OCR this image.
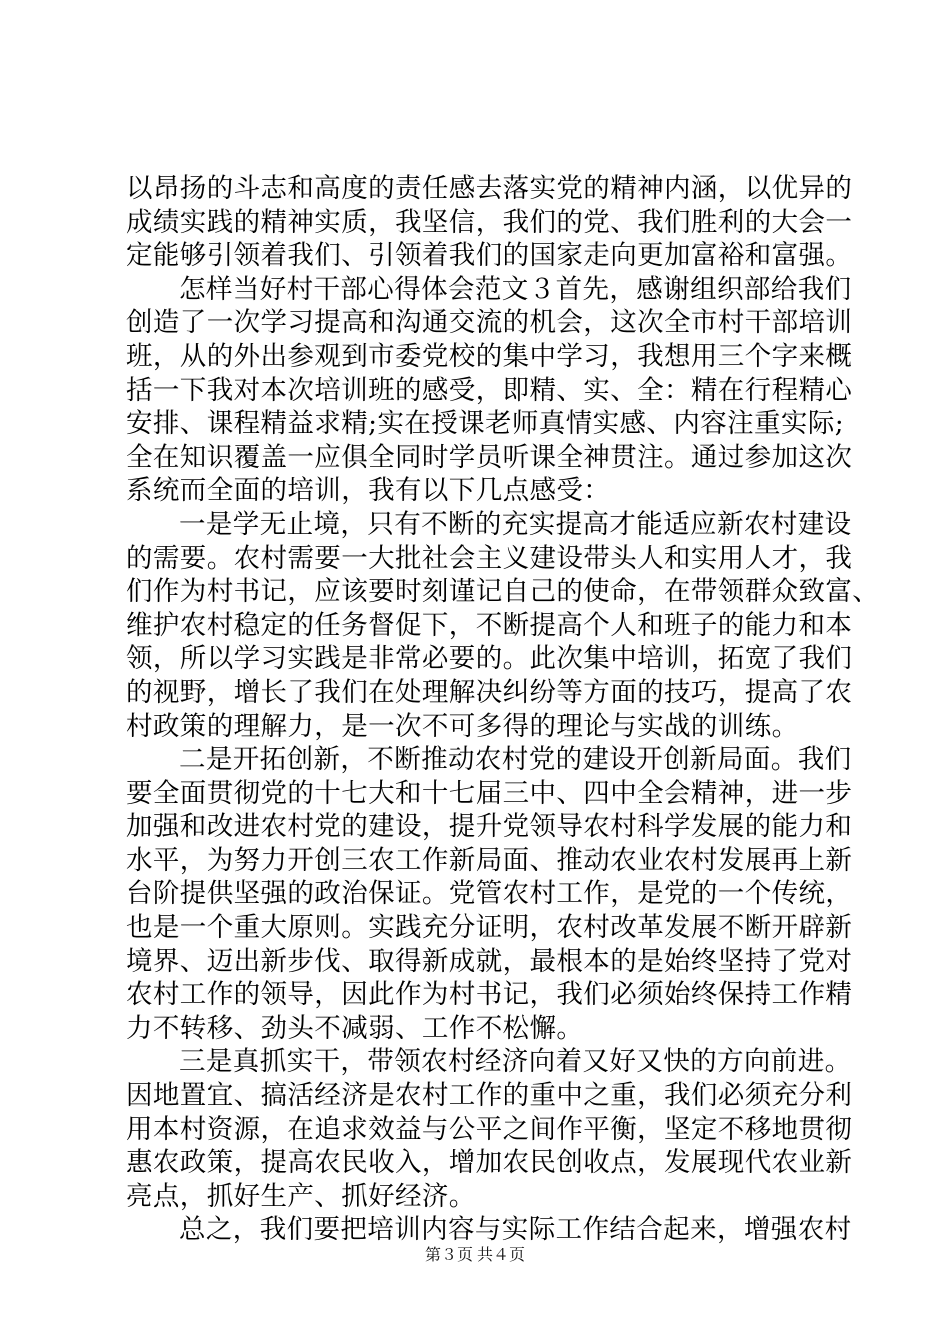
以昂扬的斗志和高度的责任感去落实党的精神内涵，以优异的
成绩实践的精神实质，我坚信，我们的党、我们胜利的大会一
定能够引领着我们、引领着我们的国家走向更加富裕和富强。
怎样当好村干部心得体会范文３首先，感谢组织部给我们
创造了一次学习提高和沟通交流的机会，这次全市村干部培训
班，从的外出参观到市委党校的集中学习，我想用三个字来概
括一下我对本次培训班的感受，即精、实、全：精在行程精心
安排、课程精益求精;实在授课老师真情实感、内容注重实际;
全在知识覆盖一应俱全同时学员听课全神贯注。通过参加这次
系统而全面的培训，我有以下几点感受：
一是学无止境，只有不断的充实提高才能适应新农村建设
的需要。农村需要一大批社会主义建设带头人和实用人才，我
们作为村书记，应该要时刻谨记自己的使命，在带领群众致富、
维护农村稳定的任务督促下，不断提高个人和班子的能力和本
领，所以学习实践是非常必要的。此次集中培训，拓宽了我们
的视野，增长了我们在处理解决纠纷等方面的技巧，提高了农
村政策的理解力，是一次不可多得的理论与实战的训练。
二是开拓创新，不断推动农村党的建设开创新局面。我们
要全面贯彻党的十七大和十七届三中、四中全会精神，进一步
加强和改进农村党的建设，提升党领导农村科学发展的能力和
水平，为努力开创三农工作新局面、推动农业农村发展再上新
台阶提供坚强的政治保证。党管农村工作，是党的一个传统，
也是一个重大原则。实践充分证明，农村改革发展不断开辟新
境界、迈出新步伐、取得新成就，最根本的是始终坚持了党对
农村工作的领导，因此作为村书记，我们必须始终保持工作精
力不转移、劲头不减弱、工作不松懈。
三是真抓实干，带领农村经济向着又好又快的方向前进。
因地置宜、搞活经济是农村工作的重中之重，我们必须充分利
用本村资源，在追求效益与公平之间作平衡，坚定不移地贯彻
惠农政策，提高农民收入，增加农民创收点，发展现代农业新
亮点，抓好生产、抓好经济。
总之，我们要把培训内容与实际工作结合起来，增强农村
第３页 共４页
